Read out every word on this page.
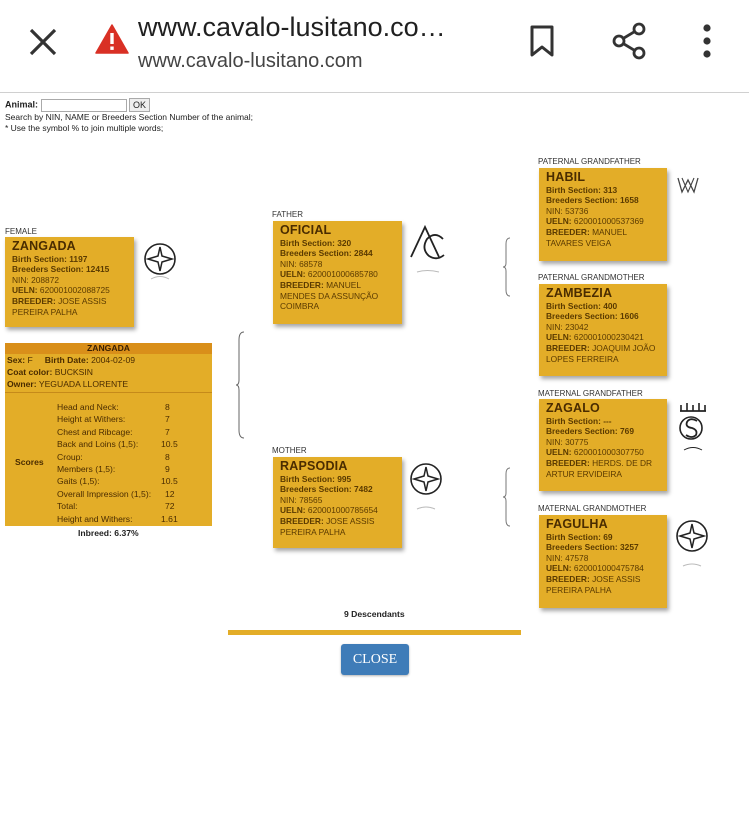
www.cavalo-lusitano.co…
www.cavalo-lusitano.com
Animal:	OK
Search by NIN, NAME or Breeders Section Number of the animal;
* Use the symbol % to join multiple words;
FEMALE
ZANGADA
Birth Section: 1197
Breeders Section: 12415
NIN: 208872
UELN: 620001002088725
BREEDER: JOSE ASSIS PEREIRA PALHA
ZANGADA
Sex: F Birth Date: 2004-02-09
Coat color: BUCKSIN
Owner: YEGUADA LLORENTE
Scores
Head and Neck:	8
Height at Withers:	7
Chest and Ribcage:	7
Back and Loins (1,5):	10.5
Croup:	8
Members (1,5):	9
Gaits (1,5):	10.5
Overall Impression (1,5): 12
Total:	72
Height and Withers:	1.61
Inbreed: 6.37%
FATHER
OFICIAL
Birth Section: 320
Breeders Section: 2844
NIN: 68578
UELN: 620001000685780
BREEDER: MANUEL MENDES DA ASSUNÇÃO COIMBRA
MOTHER
RAPSODIA
Birth Section: 995
Breeders Section: 7482
NIN: 78565
UELN: 620001000785654
BREEDER: JOSE ASSIS PEREIRA PALHA
PATERNAL GRANDFATHER
HABIL
Birth Section: 313
Breeders Section: 1658
NIN: 53736
UELN: 620001000537369
BREEDER: MANUEL TAVARES VEIGA
PATERNAL GRANDMOTHER
ZAMBEZIA
Birth Section: 400
Breeders Section: 1606
NIN: 23042
UELN: 620001000230421
BREEDER: JOAQUIM JOÃO LOPES FERREIRA
MATERNAL GRANDFATHER
ZAGALO
Birth Section: ---
Breeders Section: 769
NIN: 30775
UELN: 620001000307750
BREEDER: HERDS. DE DR ARTUR ERVIDEIRA
MATERNAL GRANDMOTHER
FAGULHA
Birth Section: 69
Breeders Section: 3257
NIN: 47578
UELN: 620001000475784
BREEDER: JOSE ASSIS PEREIRA PALHA
9 Descendants
CLOSE
